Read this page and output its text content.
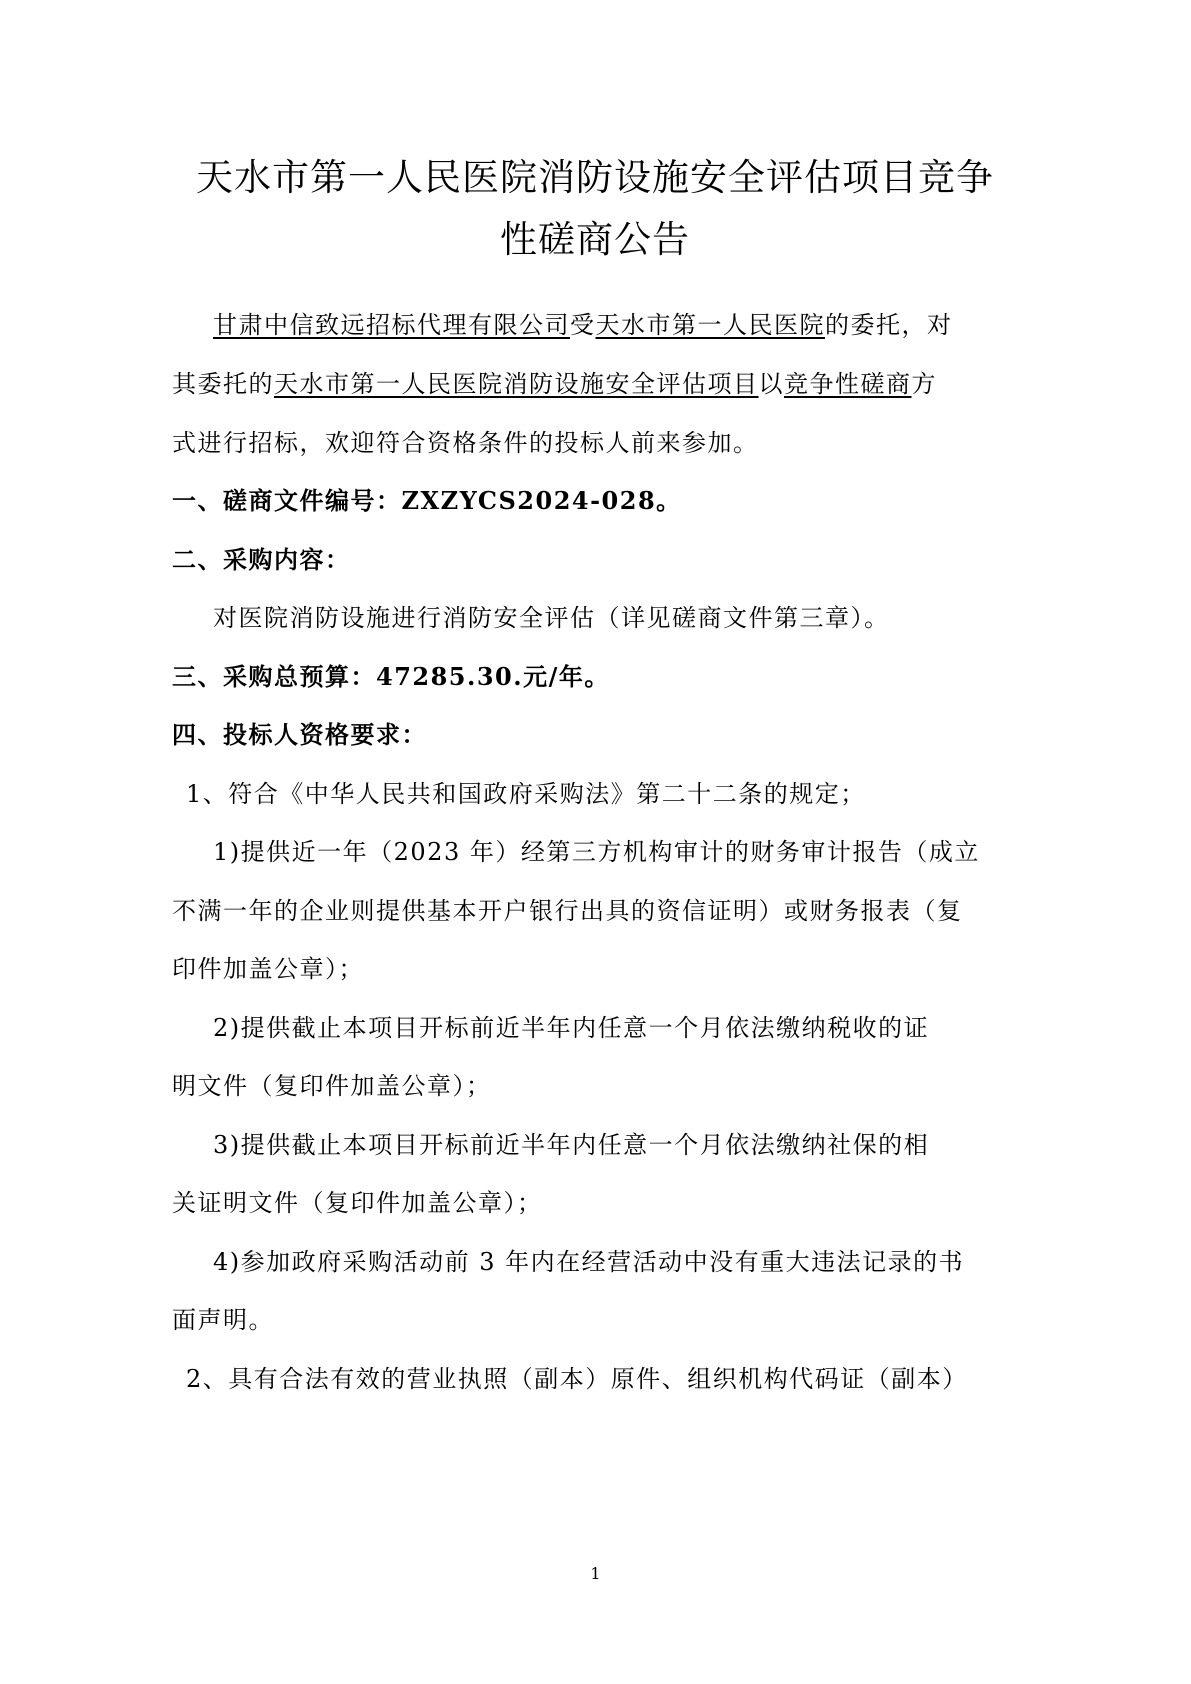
天水市第一人民医院消防设施安全评估项目竞争
性磋商公告
甘肃中信致远招标代理有限公司受天水市第一人民医院的委托，对
其委托的天水市第一人民医院消防设施安全评估项目以竞争性磋商方
式进行招标，欢迎符合资格条件的投标人前来参加。
一、磋商文件编号：ZXZYCS2024-028。
二、采购内容：
对医院消防设施进行消防安全评估（详见磋商文件第三章）。
三、采购总预算：47285.30.元/年。
四、投标人资格要求：
1、符合《中华人民共和国政府采购法》第二十二条的规定；
1)提供近一年（2023 年）经第三方机构审计的财务审计报告（成立
不满一年的企业则提供基本开户银行出具的资信证明）或财务报表（复
印件加盖公章）；
2)提供截止本项目开标前近半年内任意一个月依法缴纳税收的证
明文件（复印件加盖公章）；
3)提供截止本项目开标前近半年内任意一个月依法缴纳社保的相
关证明文件（复印件加盖公章）；
4)参加政府采购活动前 3 年内在经营活动中没有重大违法记录的书
面声明。
2、具有合法有效的营业执照（副本）原件、组织机构代码证（副本）
1
